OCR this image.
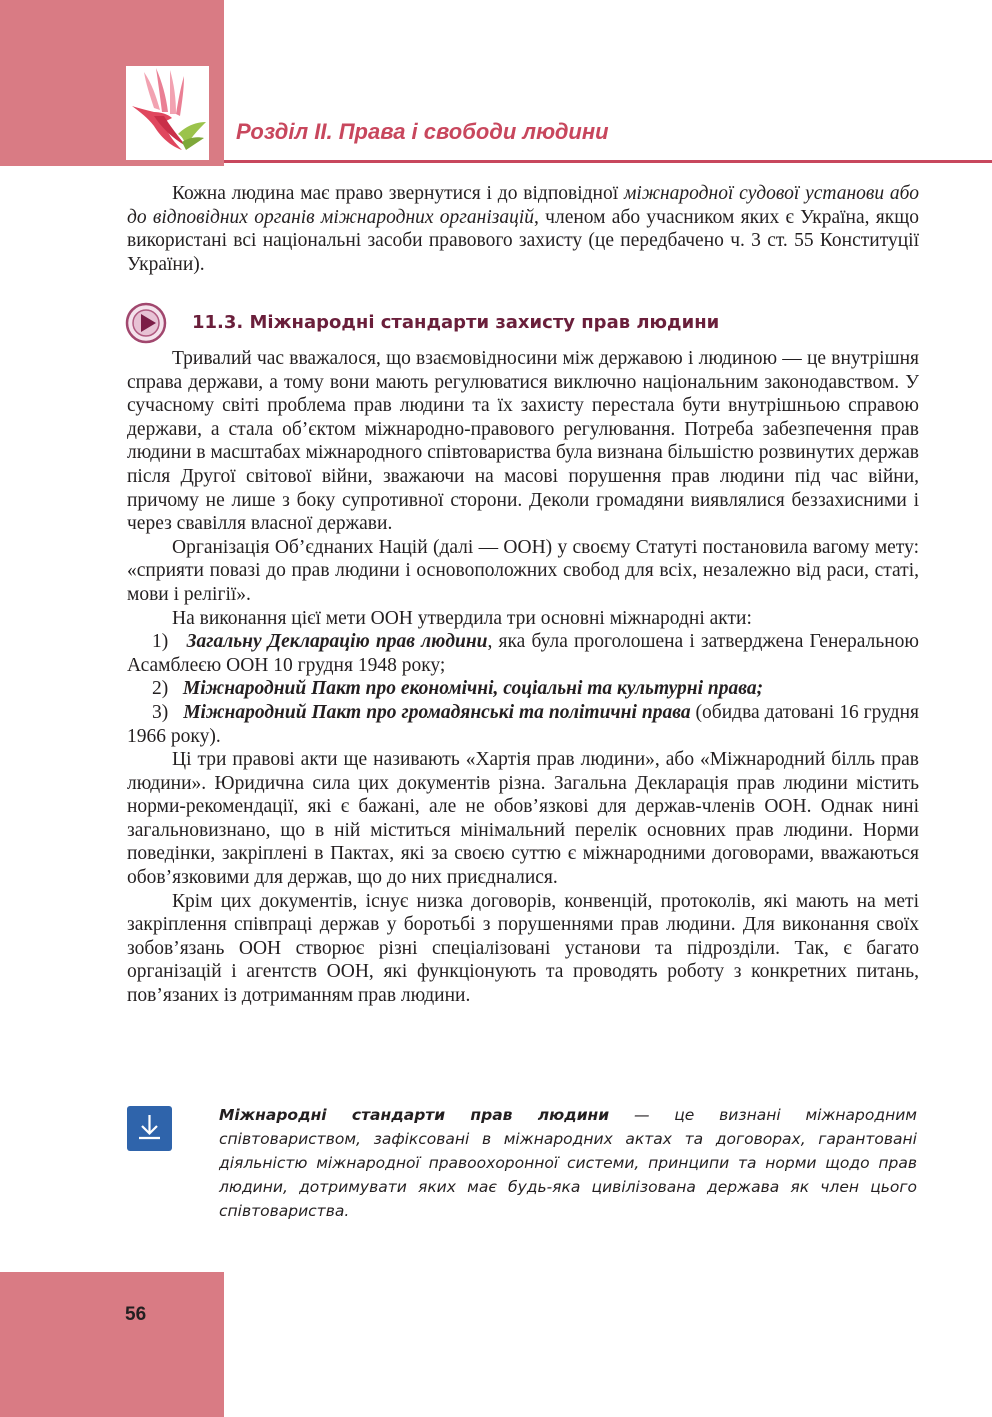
Розділ II. Права і свободи людини

Кожна людина має право звернутися і до відповідної міжнародної судової установи або до відповідних органів міжнародних організацій, членом або учасником яких є Україна, якщо використані всі національні засоби правового захисту (це передбачено ч. 3 ст. 55 Конституції України).

11.3. Міжнародні стандарти захисту прав людини

Тривалий час вважалося, що взаємовідносини між державою і людиною — це внутрішня справа держави, а тому вони мають регулюватися виключно національним законодавством. У сучасному світі проблема прав людини та їх захисту перестала бути внутрішньою справою держави, а стала об’єктом міжнародно-правового регулювання. Потреба забезпечення прав людини в масштабах міжнародного співтовариства була визнана більшістю розвинутих держав після Другої світової війни, зважаючи на масові порушення прав людини під час війни, причому не лише з боку супротивної сторони. Деколи громадяни виявлялися беззахисними і через свавілля власної держави.

Організація Об’єднаних Націй (далі — ООН) у своєму Статуті постановила вагому мету: «сприяти повазі до прав людини і основоположних свобод для всіх, незалежно від раси, статі, мови і релігії».

На виконання цієї мети ООН утвердила три основні міжнародні акти:

1) Загальну Декларацію прав людини, яка була проголошена і затверджена Генеральною Асамблеєю ООН 10 грудня 1948 року;

2) Міжнародний Пакт про економічні, соціальні та культурні права;

3) Міжнародний Пакт про громадянські та політичні права (обидва датовані 16 грудня 1966 року).

Ці три правові акти ще називають «Хартія прав людини», або «Міжнародний білль прав людини». Юридична сила цих документів різна. Загальна Декларація прав людини містить норми-рекомендації, які є бажані, але не обов’язкові для держав-членів ООН. Однак нині загальновизнано, що в ній міститься мінімальний перелік основних прав людини. Норми поведінки, закріплені в Пактах, які за своєю суттю є міжнародними договорами, вважаються обов’язковими для держав, що до них приєдналися.

Крім цих документів, існує низка договорів, конвенцій, протоколів, які мають на меті закріплення співпраці держав у боротьбі з порушеннями прав людини. Для виконання своїх зобов’язань ООН створює різні спеціалізовані установи та підрозділи. Так, є багато організацій і агентств ООН, які функціонують та проводять роботу з конкретних питань, пов’язаних із дотриманням прав людини.

Міжнародні стандарти прав людини — це визнані міжнародним співтовариством, зафіксовані в міжнародних актах та договорах, гарантовані діяльністю міжнародної правоохоронної системи, принципи та норми щодо прав людини, дотримувати яких має будь-яка цивілізована держава як член цього співтовариства.
56
